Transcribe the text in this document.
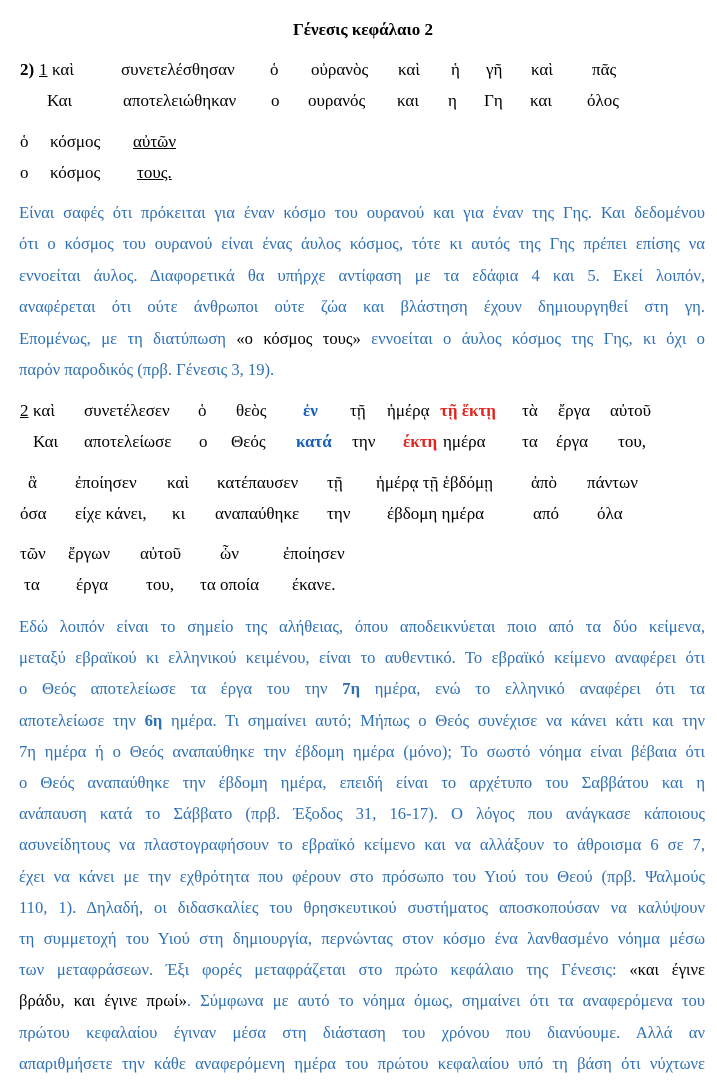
Γένεσις κεφάλαιο 2
2) 1 καὶ	συνετελέσθησαν ὁ οὐρανὸς καὶ ἡ γῆ καὶ πᾶς
Και	αποτελειώθηκαν ο ουρανός και η Γη και όλος
ὁ κόσμος αὐτῶν
ο κόσμος τους.
Είναι σαφές ότι πρόκειται για έναν κόσμο του ουρανού και για έναν της Γης. Και δεδομένου
ότι ο κόσμος του ουρανού είναι ένας άυλος κόσμος, τότε κι αυτός της Γης πρέπει επίσης να
εννοείται άυλος. Διαφορετικά θα υπήρχε αντίφαση με τα εδάφια 4 και 5. Εκεί λοιπόν,
αναφέρεται ότι ούτε άνθρωποι ούτε ζώα και βλάστηση έχουν δημιουργηθεί στη γη.
Επομένως, με τη διατύπωση «ο κόσμος τους» εννοείται ο άυλος κόσμος της Γης, κι όχι ο
παρόν παροδικός (πρβ. Γένεσις 3, 19).
2 καὶ συνετέλεσεν ὁ θεὸς ἐν τῇ ἡμέρᾳ τῇ ἕκτῃ τὰ ἔργα αὐτοῦ
Και αποτελείωσε ο Θεός κατά την έκτη ημέρα τα έργα του,
ἃ ἐποίησεν καὶ κατέπαυσεν τῇ ἡμέρᾳ τῇ ἑβδόμῃ ἀπὸ πάντων
όσα είχε κάνει, κι αναπαύθηκε την έβδομη ημέρα	από όλα
τῶν ἔργων αὐτοῦ ὧν	ἐποίησεν
τα έργα του, τα οποία έκανε.
Εδώ λοιπόν είναι το σημείο της αλήθειας, όπου αποδεικνύεται ποιο από τα δύο κείμενα,
μεταξύ εβραϊκού κι ελληνικού κειμένου, είναι το αυθεντικό. Το εβραϊκό κείμενο αναφέρει ότι
ο Θεός αποτελείωσε τα έργα του την 7η ημέρα, ενώ το ελληνικό αναφέρει ότι τα
αποτελείωσε την 6η ημέρα. Τι σημαίνει αυτό; Μήπως ο Θεός συνέχισε να κάνει κάτι και την
7η ημέρα ή ο Θεός αναπαύθηκε την έβδομη ημέρα (μόνο); Το σωστό νόημα είναι βέβαια ότι
ο Θεός αναπαύθηκε την έβδομη ημέρα, επειδή είναι το αρχέτυπο του Σαββάτου και η
ανάπαυση κατά το Σάββατο (πρβ. Έξοδος 31, 16-17). Ο λόγος που ανάγκασε κάποιους
ασυνείδητους να πλαστογραφήσουν το εβραϊκό κείμενο και να αλλάξουν το άθροισμα 6 σε 7,
έχει να κάνει με την εχθρότητα που φέρουν στο πρόσωπο του Υιού του Θεού (πρβ. Ψαλμούς
110, 1). Δηλαδή, οι διδασκαλίες του θρησκευτικού συστήματος αποσκοπούσαν να καλύψουν
τη συμμετοχή του Υιού στη δημιουργία, περνώντας στον κόσμο ένα λανθασμένο νόημα μέσω
των μεταφράσεων. Έξι φορές μεταφράζεται στο πρώτο κεφάλαιο της Γένεσις: «και έγινε
βράδυ, και έγινε πρωί». Σύμφωνα με αυτό το νόημα όμως, σημαίνει ότι τα αναφερόμενα του
πρώτου κεφαλαίου έγιναν μέσα στη διάσταση του χρόνου που διανύουμε. Αλλά αν
απαριθμήσετε την κάθε αναφερόμενη ημέρα του πρώτου κεφαλαίου υπό τη βάση ότι νύχτωνε
